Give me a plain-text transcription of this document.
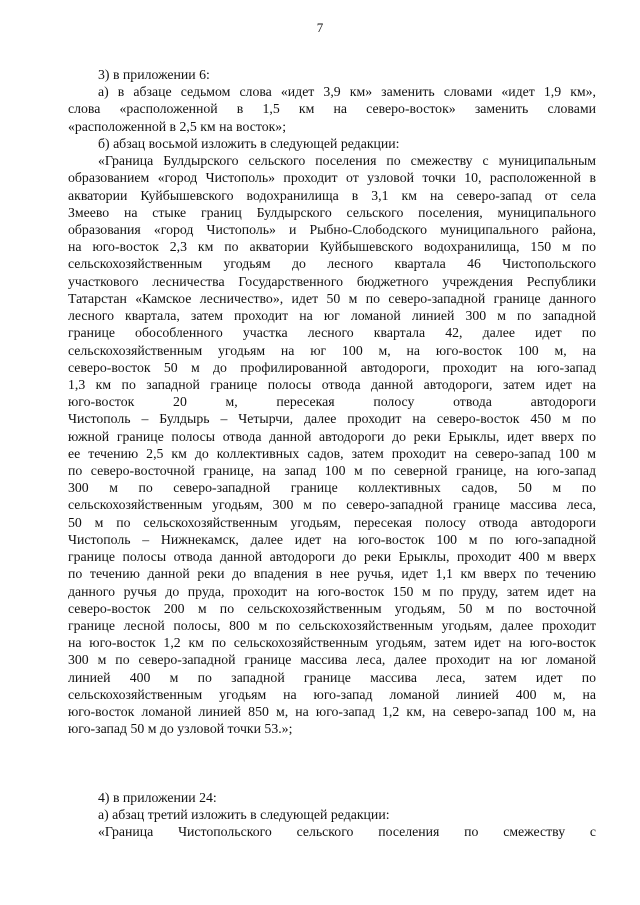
7
3) в приложении 6:
а) в абзаце седьмом слова «идет 3,9 км» заменить словами «идет 1,9 км»,
слова «расположенной в 1,5 км на северо-восток» заменить словами
«расположенной в 2,5 км на восток»;
б) абзац восьмой изложить в следующей редакции:
«Граница Булдырского сельского поселения по смежеству с муниципальным
образованием «город Чистополь» проходит от узловой точки 10, расположенной в
акватории Куйбышевского водохранилища в 3,1 км на северо-запад от села
Змеево на стыке границ Булдырского сельского поселения, муниципального
образования «город Чистополь» и Рыбно-Слободского муниципального района,
на юго-восток 2,3 км по акватории Куйбышевского водохранилища, 150 м по
сельскохозяйственным угодьям до лесного квартала 46 Чистопольского
участкового лесничества Государственного бюджетного учреждения Республики
Татарстан «Камское лесничество», идет 50 м по северо-западной границе данного
лесного квартала, затем проходит на юг ломаной линией 300 м по западной
границе обособленного участка лесного квартала 42, далее идет по
сельскохозяйственным угодьям на юг 100 м, на юго-восток 100 м, на
северо-восток 50 м до профилированной автодороги, проходит на юго-запад
1,3 км по западной границе полосы отвода данной автодороги, затем идет на
юго-восток 20 м, пересекая полосу отвода автодороги
Чистополь – Булдырь – Четырчи, далее проходит на северо-восток 450 м по
южной границе полосы отвода данной автодороги до реки Ерыклы, идет вверх по
ее течению 2,5 км до коллективных садов, затем проходит на северо-запад 100 м
по северо-восточной границе, на запад 100 м по северной границе, на юго-запад
300 м по северо-западной границе коллективных садов, 50 м по
сельскохозяйственным угодьям, 300 м по северо-западной границе массива леса,
50 м по сельскохозяйственным угодьям, пересекая полосу отвода автодороги
Чистополь – Нижнекамск, далее идет на юго-восток 100 м по юго-западной
границе полосы отвода данной автодороги до реки Ерыклы, проходит 400 м вверх
по течению данной реки до впадения в нее ручья, идет 1,1 км вверх по течению
данного ручья до пруда, проходит на юго-восток 150 м по пруду, затем идет на
северо-восток 200 м по сельскохозяйственным угодьям, 50 м по восточной
границе лесной полосы, 800 м по сельскохозяйственным угодьям, далее проходит
на юго-восток 1,2 км по сельскохозяйственным угодьям, затем идет на юго-восток
300 м по северо-западной границе массива леса, далее проходит на юг ломаной
линией 400 м по западной границе массива леса, затем идет по
сельскохозяйственным угодьям на юго-запад ломаной линией 400 м, на
юго-восток ломаной линией 850 м, на юго-запад 1,2 км, на северо-запад 100 м, на
юго-запад 50 м до узловой точки 53.»;
4) в приложении 24:
а) абзац третий изложить в следующей редакции:
«Граница Чистопольского сельского поселения по смежеству с
